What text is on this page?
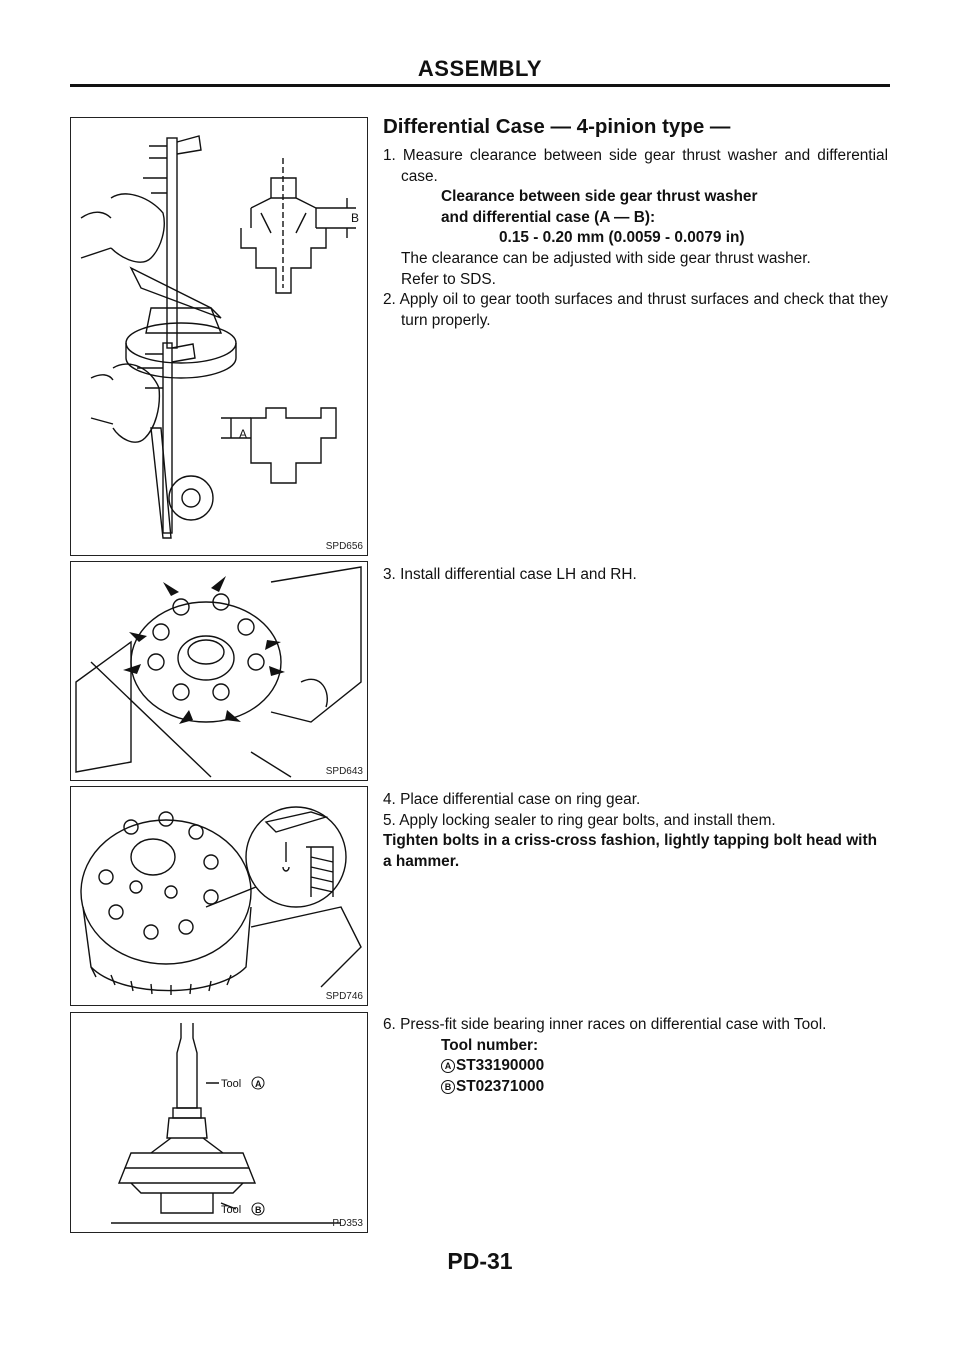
ASSEMBLY
A
B
SPD656
SPD643
SPD746
Tool A
Tool B
PD353
Differential Case — 4-pinion type —

1. Measure clearance between side gear thrust washer and differential case.

Clearance between side gear thrust washer

and differential case (A — B):

0.15 - 0.20 mm (0.0059 - 0.0079 in)

The clearance can be adjusted with side gear thrust washer.

Refer to SDS.

2. Apply oil to gear tooth surfaces and thrust surfaces and check that they turn properly.

3. Install differential case LH and RH.

4. Place differential case on ring gear.

5. Apply locking sealer to ring gear bolts, and install them.

Tighten bolts in a criss-cross fashion, lightly tapping bolt head with a hammer.

6. Press-fit side bearing inner races on differential case with Tool.

Tool number:

A ST33190000

B ST02371000

PD-31
